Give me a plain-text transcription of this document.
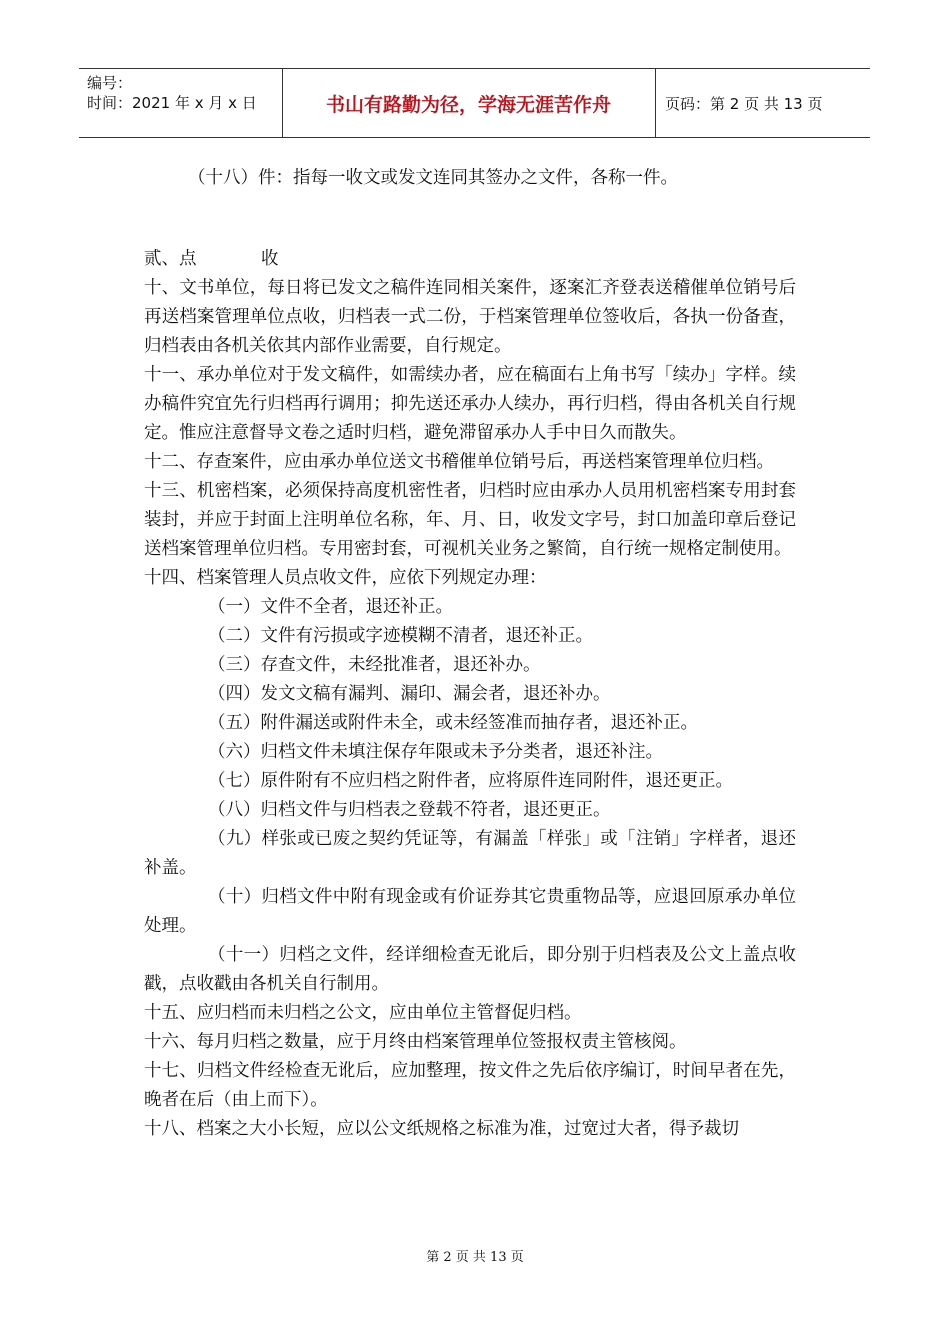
编号：
时间：2021 年 x 月 x 日	书山有路勤为径，学海无涯苦作舟	页码：第 2 页 共 13 页

（十八）件：指每一收文或发文连同其签办之文件，各称一件。

贰、点	收

十、文书单位，每日将已发文之稿件连同相关案件，逐案汇齐登表送稽催单位销号后再送档案管理单位点收，归档表一式二份，于档案管理单位签收后，各执一份备查，归档表由各机关依其内部作业需要，自行规定。

十一、承办单位对于发文稿件，如需续办者，应在稿面右上角书写「续办」字样。续办稿件究宜先行归档再行调用；抑先送还承办人续办，再行归档，得由各机关自行规定。惟应注意督导文卷之适时归档，避免滞留承办人手中日久而散失。

十二、存查案件，应由承办单位送文书稽催单位销号后，再送档案管理单位归档。

十三、机密档案，必须保持高度机密性者，归档时应由承办人员用机密档案专用封套装封，并应于封面上注明单位名称，年、月、日，收发文字号，封口加盖印章后登记送档案管理单位归档。专用密封套，可视机关业务之繁简，自行统一规格定制使用。

十四、档案管理人员点收文件，应依下列规定办理：

（一）文件不全者，退还补正。

（二）文件有污损或字迹模糊不清者，退还补正。

（三）存查文件，未经批准者，退还补办。

（四）发文文稿有漏判、漏印、漏会者，退还补办。

（五）附件漏送或附件未全，或未经签准而抽存者，退还补正。

（六）归档文件未填注保存年限或未予分类者，退还补注。

（七）原件附有不应归档之附件者，应将原件连同附件，退还更正。

（八）归档文件与归档表之登载不符者，退还更正。

（九）样张或已废之契约凭证等，有漏盖「样张」或「注销」字样者，退还补盖。

（十）归档文件中附有现金或有价证券其它贵重物品等，应退回原承办单位处理。

（十一）归档之文件，经详细检查无讹后，即分别于归档表及公文上盖点收戳，点收戳由各机关自行制用。

十五、应归档而未归档之公文，应由单位主管督促归档。

十六、每月归档之数量，应于月终由档案管理单位签报权责主管核阅。

十七、归档文件经检查无讹后，应加整理，按文件之先后依序编订，时间早者在先，晚者在后（由上而下）。

十八、档案之大小长短，应以公文纸规格之标准为准，过宽过大者，得予裁切

第 2 页 共 13 页
